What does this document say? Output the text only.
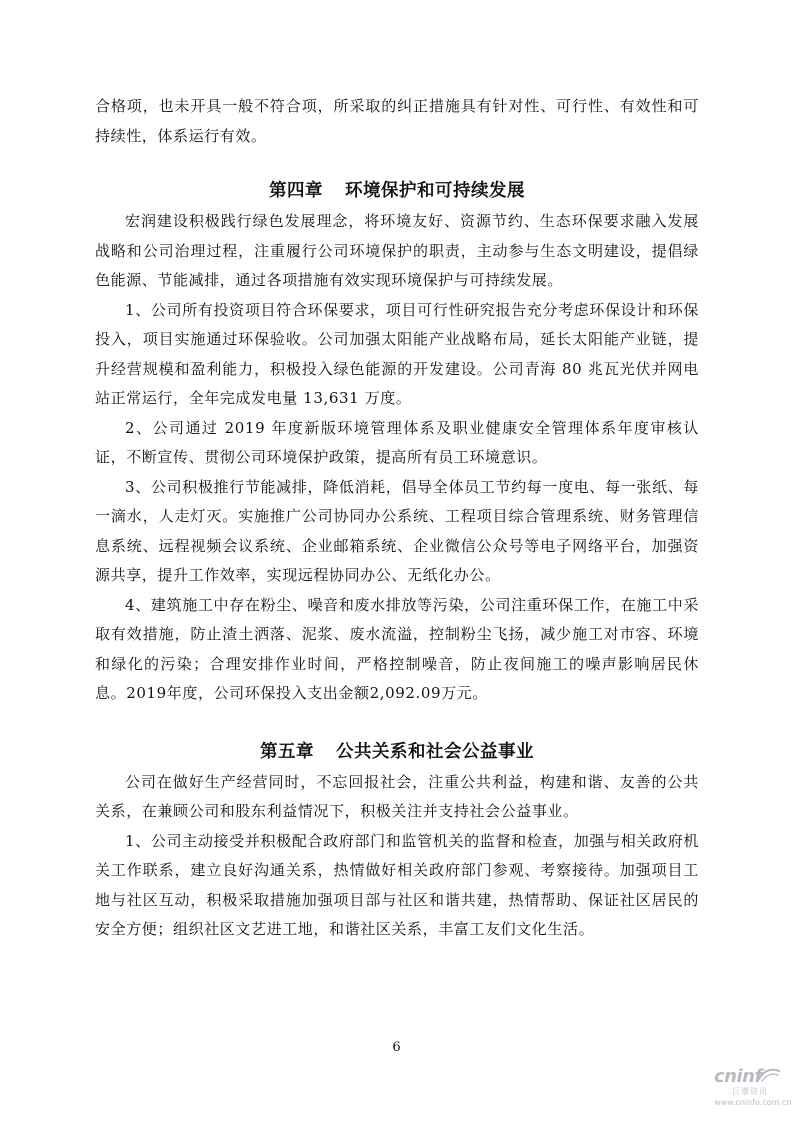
合格项，也未开具一般不符合项，所采取的纠正措施具有针对性、可行性、有效性和可持续性，体系运行有效。

第四章 环境保护和可持续发展

宏润建设积极践行绿色发展理念，将环境友好、资源节约、生态环保要求融入发展战略和公司治理过程，注重履行公司环境保护的职责，主动参与生态文明建设，提倡绿色能源、节能减排，通过各项措施有效实现环境保护与可持续发展。

1、公司所有投资项目符合环保要求，项目可行性研究报告充分考虑环保设计和环保投入，项目实施通过环保验收。公司加强太阳能产业战略布局，延长太阳能产业链，提升经营规模和盈利能力，积极投入绿色能源的开发建设。公司青海 80 兆瓦光伏并网电站正常运行，全年完成发电量 13,631 万度。

2、公司通过 2019 年度新版环境管理体系及职业健康安全管理体系年度审核认证，不断宣传、贯彻公司环境保护政策，提高所有员工环境意识。

3、公司积极推行节能减排，降低消耗，倡导全体员工节约每一度电、每一张纸、每一滴水，人走灯灭。实施推广公司协同办公系统、工程项目综合管理系统、财务管理信息系统、远程视频会议系统、企业邮箱系统、企业微信公众号等电子网络平台，加强资源共享，提升工作效率，实现远程协同办公、无纸化办公。

4、建筑施工中存在粉尘、噪音和废水排放等污染，公司注重环保工作，在施工中采取有效措施，防止渣土洒落、泥浆、废水流溢，控制粉尘飞扬，减少施工对市容、环境和绿化的污染；合理安排作业时间，严格控制噪音，防止夜间施工的噪声影响居民休息。2019年度，公司环保投入支出金额2,092.09万元。

第五章 公共关系和社会公益事业

公司在做好生产经营同时，不忘回报社会，注重公共利益，构建和谐、友善的公共关系，在兼顾公司和股东利益情况下，积极关注并支持社会公益事业。

1、公司主动接受并积极配合政府部门和监管机关的监督和检查，加强与相关政府机关工作联系，建立良好沟通关系，热情做好相关政府部门参观、考察接待。加强项目工地与社区互动，积极采取措施加强项目部与社区和谐共建，热情帮助、保证社区居民的安全方便；组织社区文艺进工地，和谐社区关系，丰富工友们文化生活。

6
cninf
巨潮资讯
www.cninfo.com.cn
